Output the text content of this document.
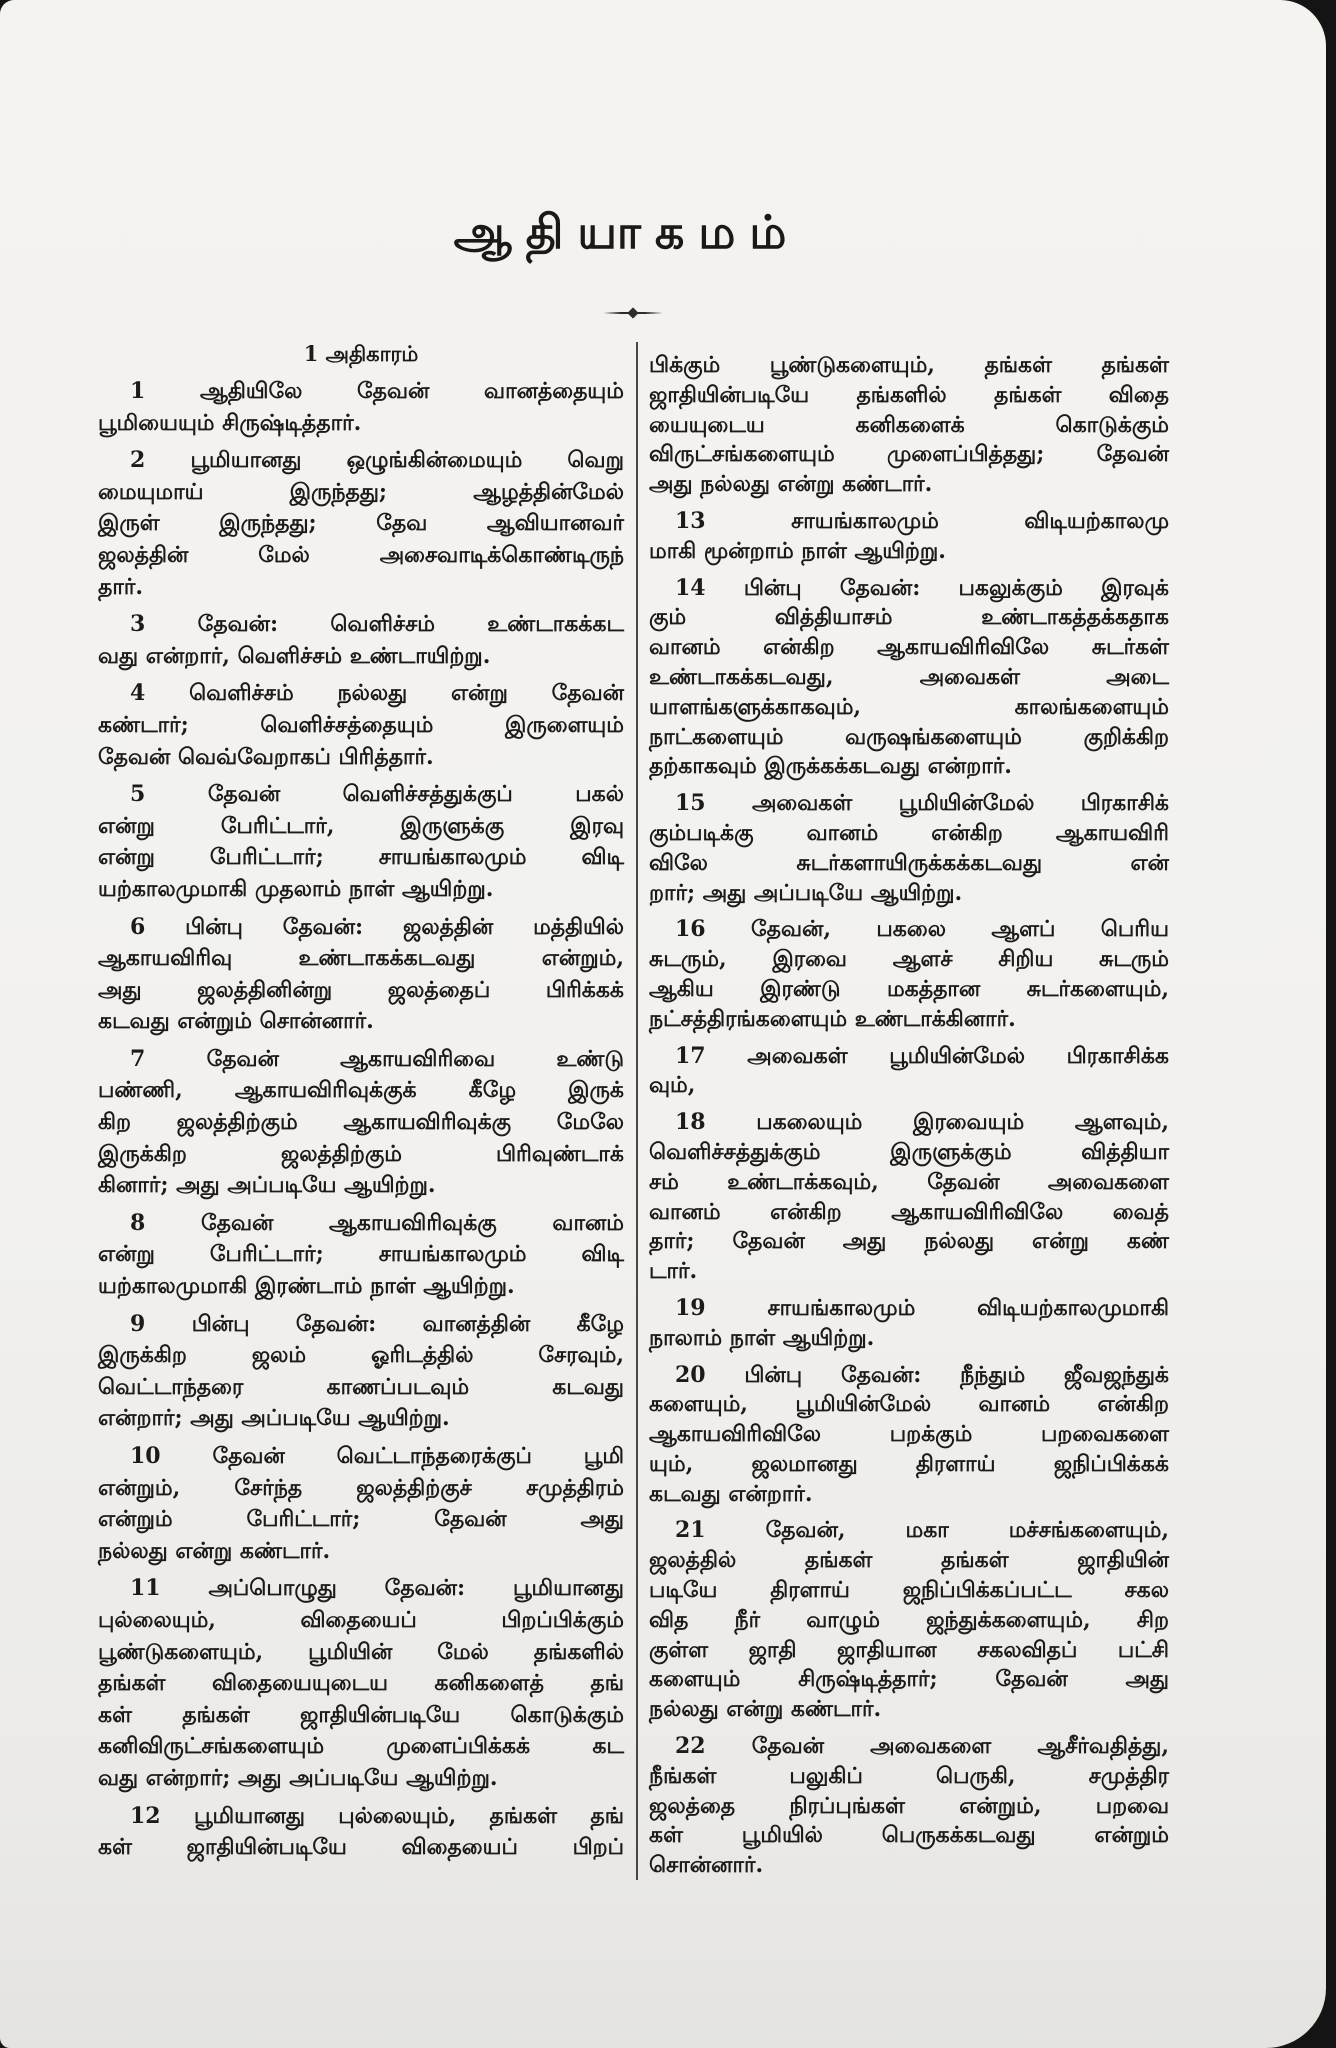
ஆதியாகமம்
1 அதிகாரம்
1 ஆதியிலே தேவன் வானத்தையும்
பூமியையும் சிருஷ்டித்தார்.
2 பூமியானது ஒழுங்கின்மையும் வெறு
மையுமாய் இருந்தது; ஆழத்தின்மேல்
இருள் இருந்தது; தேவ ஆவியானவர்
ஜலத்தின் மேல் அசைவாடிக்கொண்டிருந்
தார்.
3 தேவன்: வெளிச்சம் உண்டாகக்கட
வது என்றார், வெளிச்சம் உண்டாயிற்று.
4 வெளிச்சம் நல்லது என்று தேவன்
கண்டார்; வெளிச்சத்தையும் இருளையும்
தேவன் வெவ்வேறாகப் பிரித்தார்.
5	தேவன் வெளிச்சத்துக்குப் பகல்
என்று பேரிட்டார், இருளுக்கு இரவு
என்று பேரிட்டார்; சாயங்காலமும் விடி
யற்காலமுமாகி முதலாம் நாள் ஆயிற்று.
6 பின்பு தேவன்: ஜலத்தின் மத்தியில்
ஆகாயவிரிவு உண்டாகக்கடவது என்றும்,
அது ஜலத்தினின்று ஜலத்தைப் பிரிக்கக்
கடவது என்றும் சொன்னார்.
7	தேவன் ஆகாயவிரிவை உண்டு
பண்ணி, ஆகாயவிரிவுக்குக் கீழே இருக்
கிற ஜலத்திற்கும் ஆகாயவிரிவுக்கு மேலே
இருக்கிற ஜலத்திற்கும் பிரிவுண்டாக்
கினார்; அது அப்படியே ஆயிற்று.
8	தேவன் ஆகாயவிரிவுக்கு வானம்
என்று பேரிட்டார்; சாயங்காலமும் விடி
யற்காலமுமாகி இரண்டாம் நாள் ஆயிற்று.
9 பின்பு தேவன்: வானத்தின் கீழே
இருக்கிற ஜலம் ஓரிடத்தில் சேரவும்,
வெட்டாந்தரை காணப்படவும் கடவது
என்றார்; அது அப்படியே ஆயிற்று.
10 தேவன் வெட்டாந்தரைக்குப் பூமி
என்றும், சேர்ந்த ஜலத்திற்குச் சமுத்திரம்
என்றும் பேரிட்டார்; தேவன் அது
நல்லது என்று கண்டார்.
11 அப்பொழுது தேவன்: பூமியானது
புல்லையும், விதையைப் பிறப்பிக்கும்
பூண்டுகளையும், பூமியின் மேல் தங்களில்
தங்கள் விதையையுடைய கனிகளைத் தங்
கள் தங்கள் ஜாதியின்படியே கொடுக்கும்
கனிவிருட்சங்களையும் முளைப்பிக்கக் கட
வது என்றார்; அது அப்படியே ஆயிற்று.
12 பூமியானது புல்லையும், தங்கள் தங்
கள் ஜாதியின்படியே விதையைப் பிறப்
பிக்கும் பூண்டுகளையும், தங்கள் தங்கள்
ஜாதியின்படியே தங்களில் தங்கள் விதை
யையுடைய கனிகளைக் கொடுக்கும்
விருட்சங்களையும் முளைப்பித்தது; தேவன்
அது நல்லது என்று கண்டார்.
13	சாயங்காலமும் விடியற்காலமு
மாகி மூன்றாம் நாள் ஆயிற்று.
14 பின்பு தேவன்: பகலுக்கும் இரவுக்
கும் வித்தியாசம் உண்டாகத்தக்கதாக
வானம் என்கிற ஆகாயவிரிவிலே சுடர்கள்
உண்டாகக்கடவது, அவைகள் அடை
யாளங்களுக்காகவும், காலங்களையும்
நாட்களையும் வருஷங்களையும் குறிக்கிற
தற்காகவும் இருக்கக்கடவது என்றார்.
15 அவைகள் பூமியின்மேல் பிரகாசிக்
கும்படிக்கு வானம் என்கிற ஆகாயவிரி
விலே சுடர்களாயிருக்கக்கடவது என்
றார்; அது அப்படியே ஆயிற்று.
16 தேவன், பகலை ஆளப் பெரிய
சுடரும், இரவை ஆளச் சிறிய சுடரும்
ஆகிய இரண்டு மகத்தான சுடர்களையும்,
நட்சத்திரங்களையும் உண்டாக்கினார்.
17 அவைகள் பூமியின்மேல் பிரகாசிக்க
வும்,
18 பகலையும் இரவையும் ஆளவும்,
வெளிச்சத்துக்கும் இருளுக்கும் வித்தியா
சம் உண்டாக்கவும், தேவன் அவைகளை
வானம் என்கிற ஆகாயவிரிவிலே வைத்
தார்; தேவன் அது நல்லது என்று கண்
டார்.
19	சாயங்காலமும் விடியற்காலமுமாகி
நாலாம் நாள் ஆயிற்று.
20 பின்பு தேவன்: நீந்தும் ஜீவஜந்துக்
களையும், பூமியின்மேல் வானம் என்கிற
ஆகாயவிரிவிலே பறக்கும் பறவைகளை
யும், ஜலமானது திரளாய் ஜநிப்பிக்கக்
கடவது என்றார்.
21	தேவன், மகா மச்சங்களையும்,
ஜலத்தில் தங்கள் தங்கள் ஜாதியின்
படியே திரளாய் ஜநிப்பிக்கப்பட்ட சகல
வித நீர் வாழும் ஜந்துக்களையும், சிற
குள்ள ஜாதி ஜாதியான சகலவிதப் பட்சி
களையும் சிருஷ்டித்தார்; தேவன் அது
நல்லது என்று கண்டார்.
22 தேவன் அவைகளை ஆசீர்வதித்து,
நீங்கள் பலுகிப் பெருகி, சமுத்திர
ஜலத்தை நிரப்புங்கள் என்றும், பறவை
கள் பூமியில் பெருகக்கடவது என்றும்
சொன்னார்.
